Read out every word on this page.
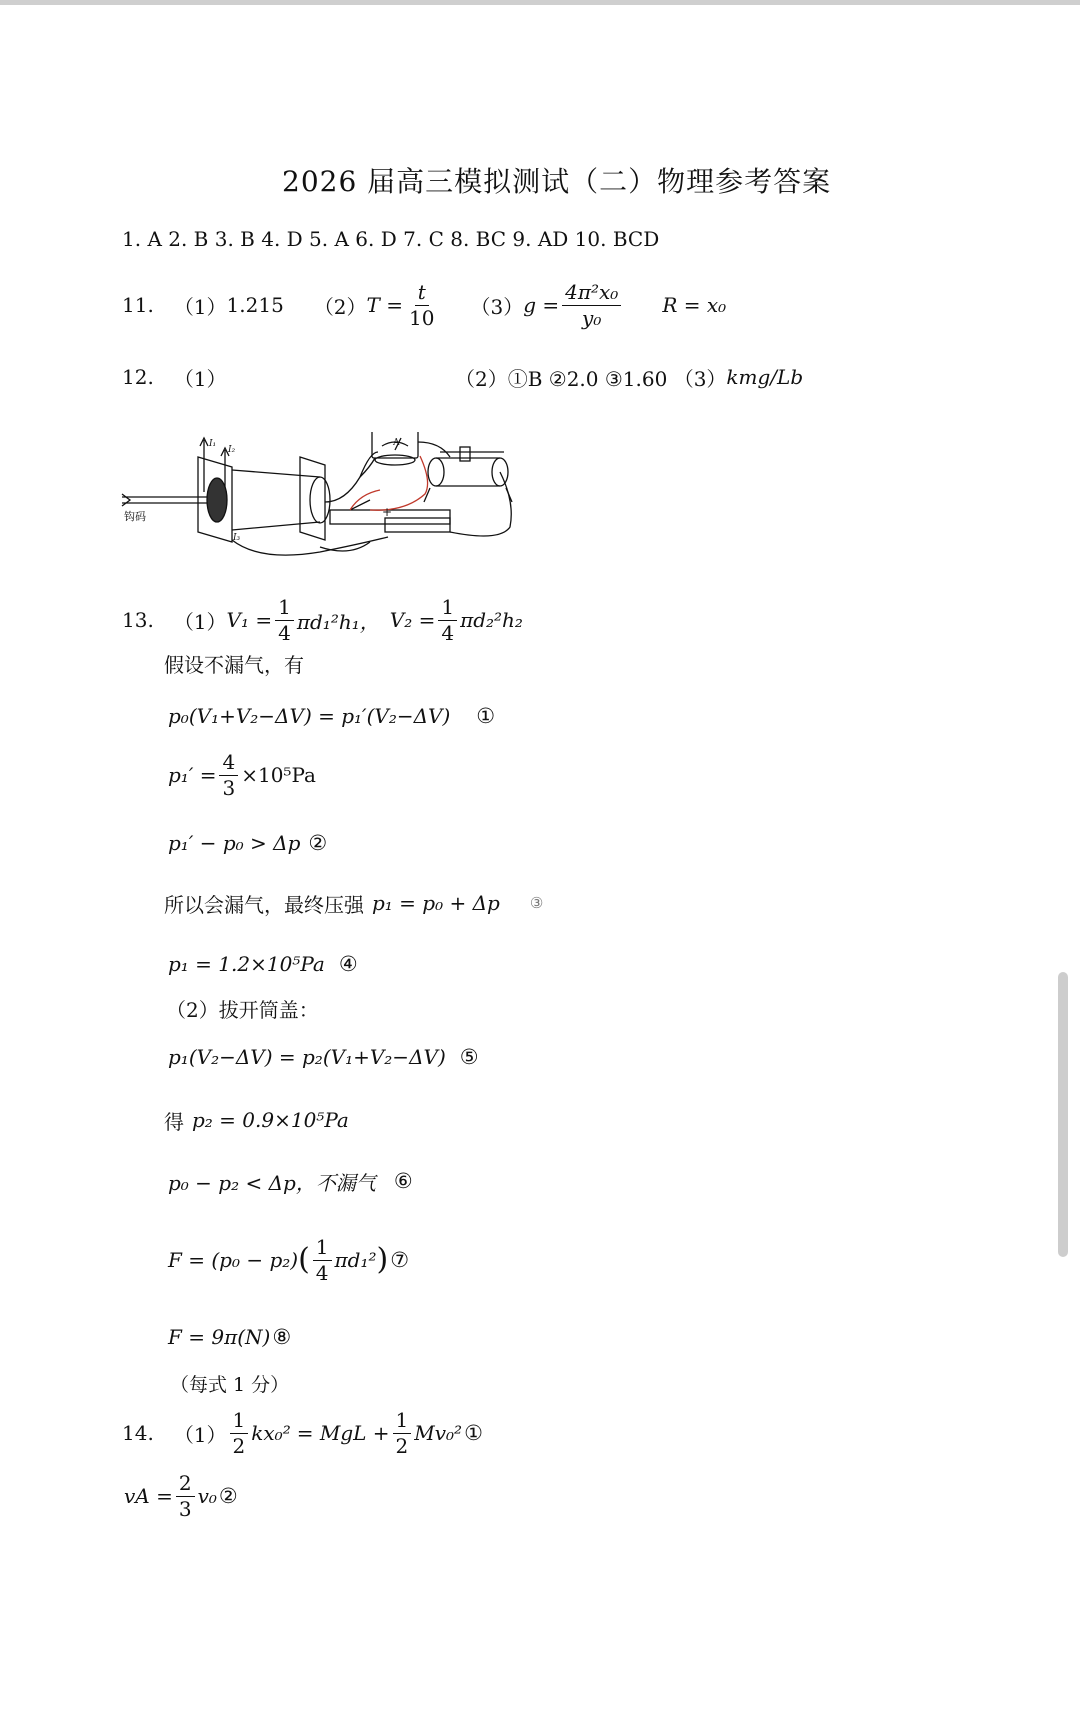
2026 届高三模拟测试（二）物理参考答案
1. A 2. B 3. B 4. D 5. A 6. D 7. C 8. BC 9. AD 10. BCD
11. （1） 1.215 （2） $T = \frac{t}{10} (3) g = \frac{\text{4π²x₀}}{\text{y₀}}$ R = x₀
12. （1）	（2）①B ②2.0 ③1.60 （3） kmg/Lb
钩码
I₁
I₂
I₃
A
+
13. （1） $V_1 = \frac{1}{4} \pi d_1^2h_1$， $V_2 = \frac{1}{4} \pi d_2^2h_2$
假设不漏气，有
p₀(V₁+V₂−ΔV) = p₁′(V₂−ΔV) ①
$p_1' = \frac{4}{3} \times 10^5Pa$
p₁′ − p₀ > Δp ②
所以会漏气，最终压强 p₁ = p₀ + Δp ③
p₁ = 1.2×10⁵Pa ④
（2）拔开筒盖：
p₁(V₂−ΔV) = p₂(V₁+V₂−ΔV) ⑤
得 p₂ = 0.9×10⁵Pa
p₀ − p₂ < Δp，不漏气 ⑥
F = (p₀ − p₂) ( $\frac{1}{4} \pi d_1^2$ ) ⑦
F = 9π(N) ⑧
（每式 1 分）
14. $(1) \frac{1}{2} kx_0^2$ = MgL + $\frac{1}{2} Mv_0^2$ ①
vA = $\frac{2}{3} v_0$ ②
